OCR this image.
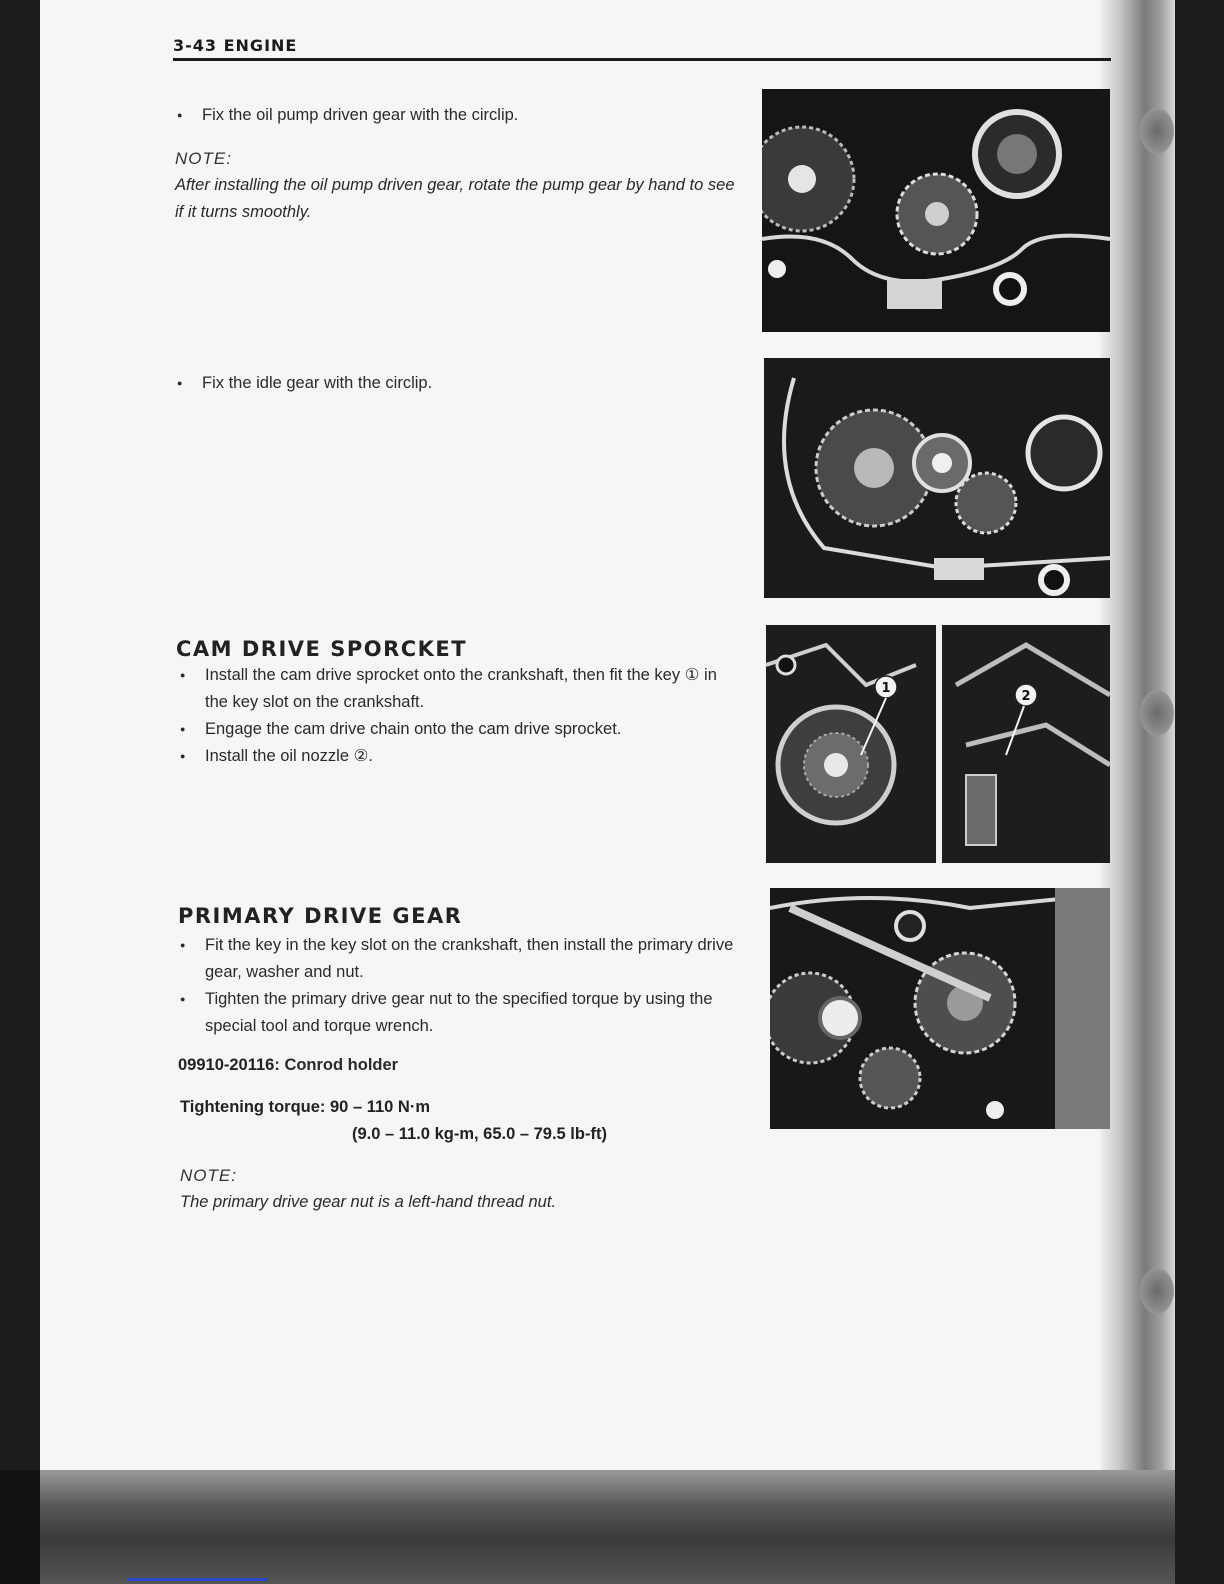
3-43 ENGINE
● Fix the oil pump driven gear with the circlip.
NOTE:
After installing the oil pump driven gear, rotate the pump gear by hand to see if it turns smoothly.
● Fix the idle gear with the circlip.
CAM DRIVE SPORCKET
● Install the cam drive sprocket onto the crankshaft, then fit the key ① in the key slot on the crankshaft.
● Engage the cam drive chain onto the cam drive sprocket.
● Install the oil nozzle ②.
PRIMARY DRIVE GEAR
● Fit the key in the key slot on the crankshaft, then install the primary drive gear, washer and nut.
● Tighten the primary drive gear nut to the specified torque by using the special tool and torque wrench.
09910-20116: Conrod holder
Tightening torque: 90 – 110 N·m
(9.0 – 11.0 kg-m, 65.0 – 79.5 lb-ft)
NOTE:
The primary drive gear nut is a left-hand thread nut.
1
2
